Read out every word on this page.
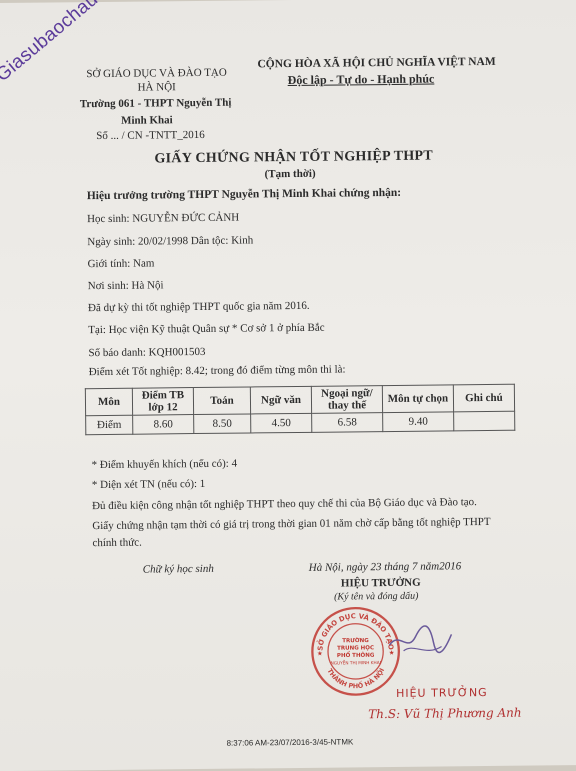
SỞ GIÁO DỤC VÀ ĐÀO TẠO
HÀ NỘI
Trường 061 - THPT Nguyễn Thị
Minh Khai
Số ... / CN -TNTT_2016
CỘNG HÒA XÃ HỘI CHỦ NGHĨA VIỆT NAM
Độc lập - Tự do - Hạnh phúc
GIẤY CHỨNG NHẬN TỐT NGHIỆP THPT
(Tạm thời)
Hiệu trưởng trường THPT Nguyễn Thị Minh Khai chứng nhận:
Học sinh: NGUYỄN ĐỨC CẢNH
Ngày sinh: 20/02/1998 Dân tộc: Kinh
Giới tính: Nam
Nơi sinh: Hà Nội
Đã dự kỳ thi tốt nghiệp THPT quốc gia năm 2016.
Tại: Học viện Kỹ thuật Quân sự * Cơ sở 1 ở phía Bắc
Số báo danh: KQH001503
Điểm xét Tốt nghiệp: 8.42; trong đó điểm từng môn thi là:
Môn	Điểm TB lớp 12	Toán	Ngữ văn	Ngoại ngữ/ thay thế	Môn tự chọn	Ghi chú
Điểm	8.60	8.50	4.50	6.58	9.40	
* Điểm khuyến khích (nếu có): 4
* Diện xét TN (nếu có): 1
Đủ điều kiện công nhận tốt nghiệp THPT theo quy chế thi của Bộ Giáo dục và Đào tạo.
Giấy chứng nhận tạm thời có giá trị trong thời gian 01 năm chờ cấp bằng tốt nghiệp THPT
chính thức.
Chữ ký học sinh	Hà Nội, ngày 23 tháng 7 năm2016
HIỆU TRƯỞNG
(Ký tên và đóng dấu)
SỞ GIÁO DỤC VÀ ĐÀO TẠO
THÀNH PHỐ HÀ NỘI
TRƯỜNG
TRUNG HỌC
PHỔ THÔNG
NGUYỄN THỊ MINH KHAI
★	★
HIỆU TRƯỞNG
Th.S: Vũ Thị Phương Anh
8:37:06 AM-23/07/2016-3/45-NTMK
